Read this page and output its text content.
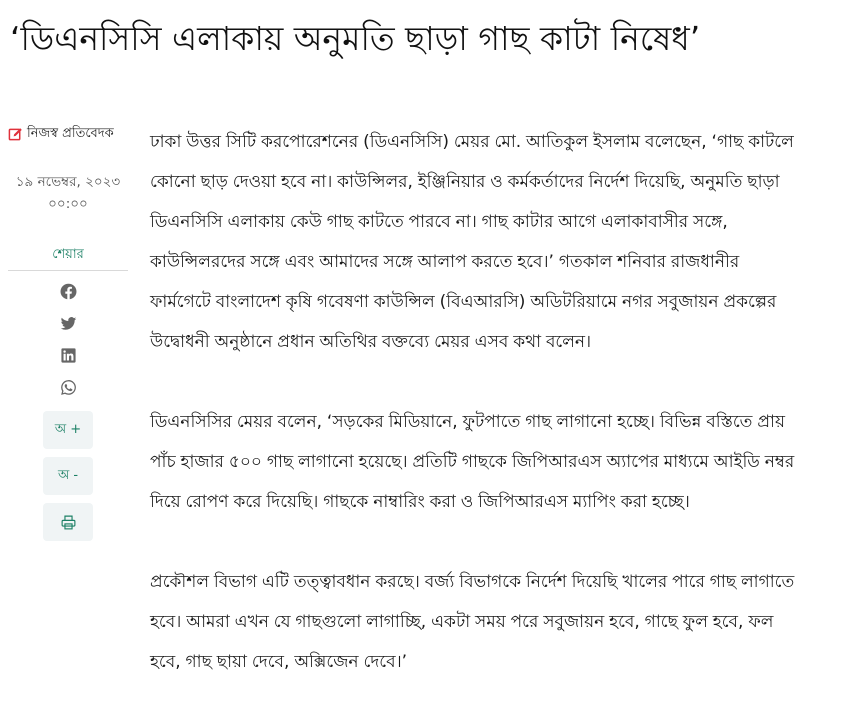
‘ডিএনসিসি এলাকায় অনুমতি ছাড়া গাছ কাটা নিষেধ’
নিজস্ব প্রতিবেদক
১৯ নভেম্বর, ২০২৩
০০:০০
শেয়ার
অ +
অ -

ঢাকা উত্তর সিটি করপোরেশনের (ডিএনসিসি) মেয়র মো. আতিকুল ইসলাম বলেছেন, ‘গাছ কাটলে
কোনো ছাড় দেওয়া হবে না। কাউন্সিলর, ইঞ্জিনিয়ার ও কর্মকর্তাদের নির্দেশ দিয়েছি, অনুমতি ছাড়া
ডিএনসিসি এলাকায় কেউ গাছ কাটতে পারবে না। গাছ কাটার আগে এলাকাবাসীর সঙ্গে,
কাউন্সিলরদের সঙ্গে এবং আমাদের সঙ্গে আলাপ করতে হবে।’ গতকাল শনিবার রাজধানীর
ফার্মগেটে বাংলাদেশ কৃষি গবেষণা কাউন্সিল (বিএআরসি) অডিটরিয়ামে নগর সবুজায়ন প্রকল্পের
উদ্বোধনী অনুষ্ঠানে প্রধান অতিথির বক্তব্যে মেয়র এসব কথা বলেন।

ডিএনসিসির মেয়র বলেন, ‘সড়কের মিডিয়ানে, ফুটপাতে গাছ লাগানো হচ্ছে। বিভিন্ন বস্তিতে প্রায়
পাঁচ হাজার ৫০০ গাছ লাগানো হয়েছে। প্রতিটি গাছকে জিপিআরএস অ্যাপের মাধ্যমে আইডি নম্বর
দিয়ে রোপণ করে দিয়েছি। গাছকে নাম্বারিং করা ও জিপিআরএস ম্যাপিং করা হচ্ছে।

প্রকৌশল বিভাগ এটি তত্ত্বাবধান করছে। বর্জ্য বিভাগকে নির্দেশ দিয়েছি খালের পারে গাছ লাগাতে
হবে। আমরা এখন যে গাছগুলো লাগাচ্ছি, একটা সময় পরে সবুজায়ন হবে, গাছে ফুল হবে, ফল
হবে, গাছ ছায়া দেবে, অক্সিজেন দেবে।’
